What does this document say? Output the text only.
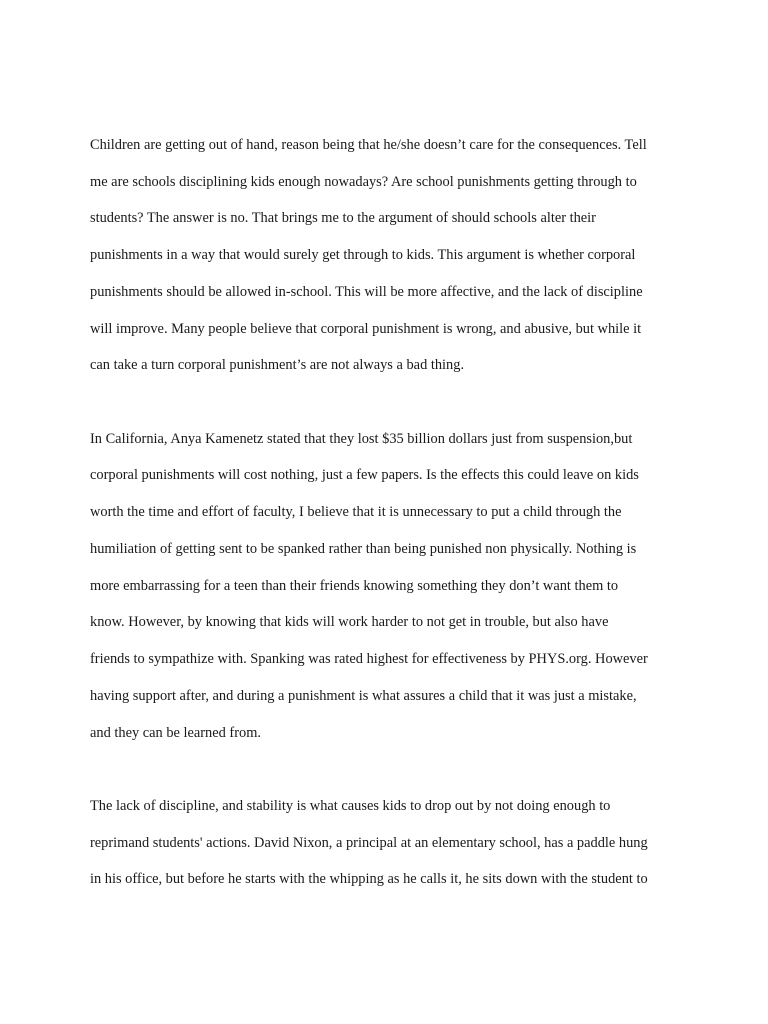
Children are getting out of hand, reason being that he/she doesn’t care for the consequences. Tell
me are schools disciplining kids enough nowadays? Are school punishments getting through to
students? The answer is no. That brings me to the argument of should schools alter their
punishments in a way that would surely get through to kids. This argument is whether corporal
punishments should be allowed in-school. This will be more affective, and the lack of discipline
will improve. Many people believe that corporal punishment is wrong, and abusive, but while it
can take a turn corporal punishment’s are not always a bad thing.
In California, Anya Kamenetz stated that they lost $35 billion dollars just from suspension,but
corporal punishments will cost nothing, just a few papers. Is the effects this could leave on kids
worth the time and effort of faculty, I believe that it is unnecessary to put a child through the
humiliation of getting sent to be spanked rather than being punished non physically. Nothing is
more embarrassing for a teen than their friends knowing something they don’t want them to
know. However, by knowing that kids will work harder to not get in trouble, but also have
friends to sympathize with. Spanking was rated highest for effectiveness by PHYS.org. However
having support after, and during a punishment is what assures a child that it was just a mistake,
and they can be learned from.
The lack of discipline, and stability is what causes kids to drop out by not doing enough to
reprimand students' actions. David Nixon, a principal at an elementary school, has a paddle hung
in his office, but before he starts with the whipping as he calls it, he sits down with the student to
